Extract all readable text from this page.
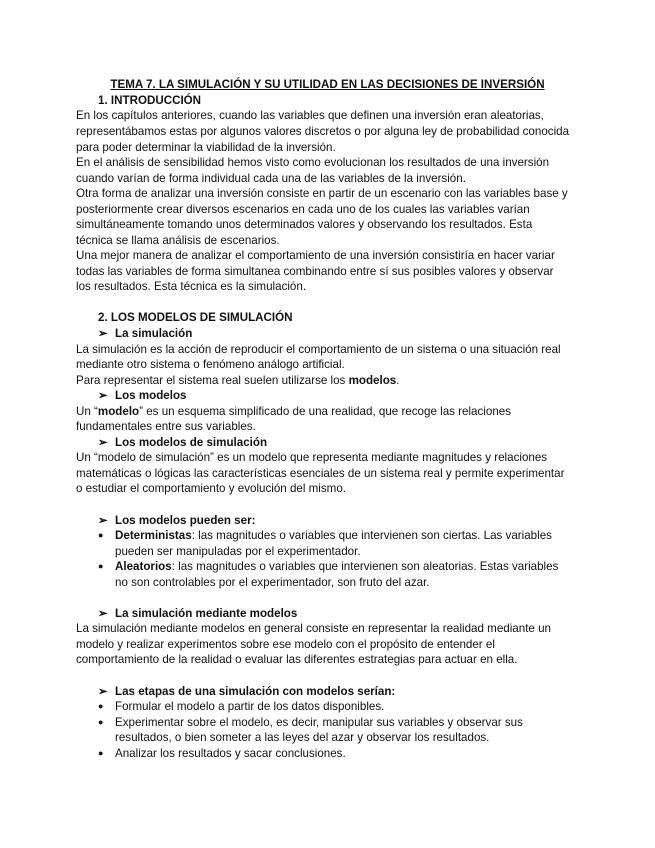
TEMA 7. LA SIMULACIÓN Y SU UTILIDAD EN LAS DECISIONES DE INVERSIÓN
1. INTRODUCCIÓN
En los capítulos anteriores, cuando las variables que definen una inversión eran aleatorias,
representábamos estas por algunos valores discretos o por alguna ley de probabilidad conocida
para poder determinar la viabilidad de la inversión.
En el análisis de sensibilidad hemos visto como evolucionan los resultados de una inversión
cuando varían de forma individual cada una de las variables de la inversión.
Otra forma de analizar una inversión consiste en partir de un escenario con las variables base y
posteriormente crear diversos escenarios en cada uno de los cuales las variables varían
simultáneamente tomando unos determinados valores y observando los resultados. Esta
técnica se llama análisis de escenarios.
Una mejor manera de analizar el comportamiento de una inversión consistiría en hacer variar
todas las variables de forma simultanea combinando entre sí sus posibles valores y observar
los resultados. Esta técnica es la simulación.
2. LOS MODELOS DE SIMULACIÓN
➢ La simulación
La simulación es la acción de reproducir el comportamiento de un sistema o una situación real
mediante otro sistema o fenómeno análogo artificial.
Para representar el sistema real suelen utilizarse los modelos.
➢ Los modelos
Un “modelo” es un esquema simplificado de una realidad, que recoge las relaciones
fundamentales entre sus variables.
➢ Los modelos de simulación
Un “modelo de simulación” es un modelo que representa mediante magnitudes y relaciones
matemáticas o lógicas las características esenciales de un sistema real y permite experimentar
o estudiar el comportamiento y evolución del mismo.
➢ Los modelos pueden ser:
● Deterministas: las magnitudes o variables que intervienen son ciertas. Las variables
pueden ser manipuladas por el experimentador.
● Aleatorios: las magnitudes o variables que intervienen son aleatorias. Estas variables
no son controlables por el experimentador, son fruto del azar.
➢ La simulación mediante modelos
La simulación mediante modelos en general consiste en representar la realidad mediante un
modelo y realizar experimentos sobre ese modelo con el propósito de entender el
comportamiento de la realidad o evaluar las diferentes estrategias para actuar en ella.
➢ Las etapas de una simulación con modelos serían:
● Formular el modelo a partir de los datos disponibles.
● Experimentar sobre el modelo, es decir, manipular sus variables y observar sus
resultados, o bien someter a las leyes del azar y observar los resultados.
● Analizar los resultados y sacar conclusiones.
